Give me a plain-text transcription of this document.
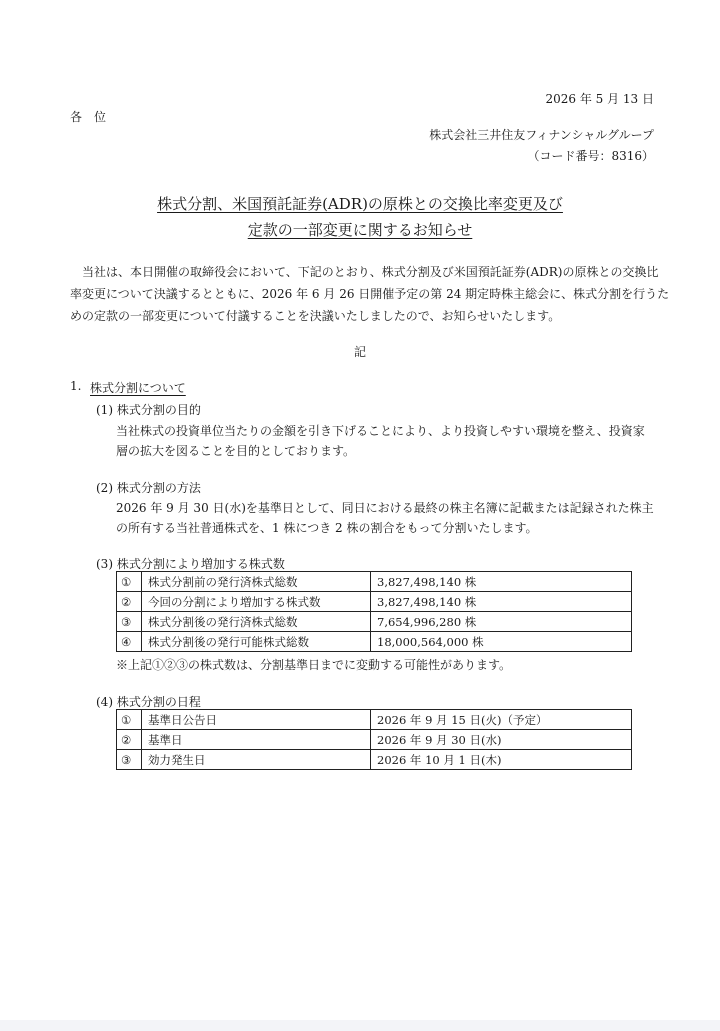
2026 年 5 月 13 日
各　位
株式会社三井住友フィナンシャルグループ
（コード番号：8316）
株式分割、米国預託証券(ADR)の原株との交換比率変更及び
定款の一部変更に関するお知らせ
当社は、本日開催の取締役会において、下記のとおり、株式分割及び米国預託証券(ADR)の原株との交換比
率変更について決議するとともに、2026 年 6 月 26 日開催予定の第 24 期定時株主総会に、株式分割を行うた
めの定款の一部変更について付議することを決議いたしましたので、お知らせいたします。
記
1. 株式分割について
(1) 株式分割の目的
当社株式の投資単位当たりの金額を引き下げることにより、より投資しやすい環境を整え、投資家
層の拡大を図ることを目的としております。
(2) 株式分割の方法
2026 年 9 月 30 日(水)を基準日として、同日における最終の株主名簿に記載または記録された株主
の所有する当社普通株式を、1 株につき 2 株の割合をもって分割いたします。
(3) 株式分割により増加する株式数
①	株式分割前の発行済株式総数	3,827,498,140 株
②	今回の分割により増加する株式数	3,827,498,140 株
③	株式分割後の発行済株式総数	7,654,996,280 株
④	株式分割後の発行可能株式総数	18,000,564,000 株
※上記①②③の株式数は、分割基準日までに変動する可能性があります。
(4) 株式分割の日程
①	基準日公告日	2026 年 9 月 15 日(火)（予定）
②	基準日	2026 年 9 月 30 日(水)
③	効力発生日	2026 年 10 月 1 日(木)
